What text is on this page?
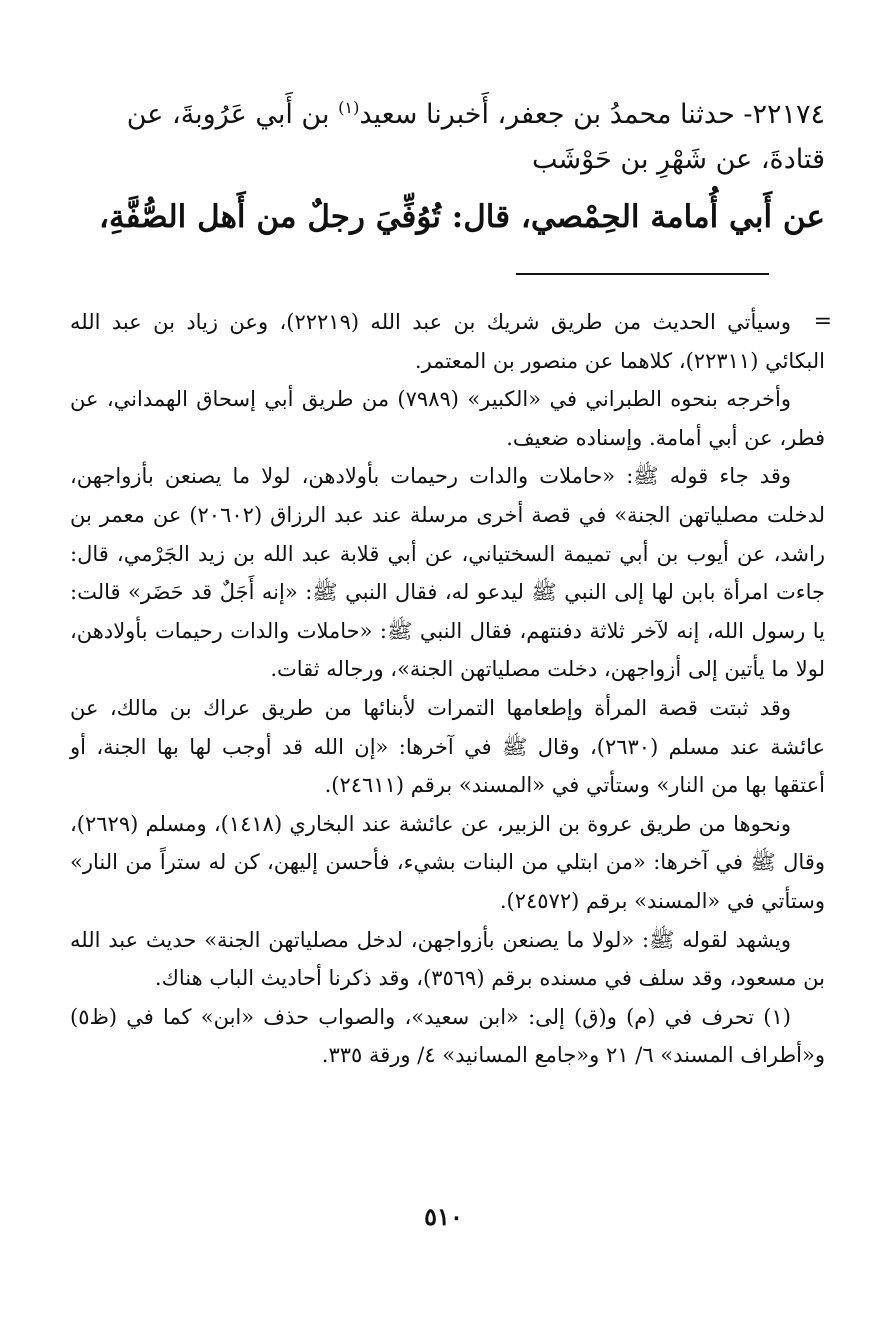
٢٢١٧٤- حدثنا محمدُ بن جعفر، أَخبرنا سعيد$^{(١)}$ بن أَبي عَرُوبةَ، عن

قتادةَ، عن شَهْرِ بن حَوْشَب

عن أَبي أُمامة الحِمْصي، قال: تُوُفِّيَ رجلٌ من أَهل الصُّفَّةِ،

=

وسيأتي الحديث من طريق شريك بن عبد الله (٢٢٢١٩)، وعن زياد بن عبد الله البكائي (٢٢٣١١)، كلاهما عن منصور بن المعتمر.

وأخرجه بنحوه الطبراني في «الكبير» (٧٩٨٩) من طريق أبي إسحاق الهمداني، عن فطر، عن أبي أمامة. وإسناده ضعيف.

وقد جاء قوله ﷺ: «حاملات والدات رحيمات بأولادهن، لولا ما يصنعن بأزواجهن، لدخلت مصلياتهن الجنة» في قصة أخرى مرسلة عند عبد الرزاق (٢٠٦٠٢) عن معمر بن راشد، عن أيوب بن أبي تميمة السختياني، عن أبي قلابة عبد الله بن زيد الجَرْمي، قال: جاءت امرأة بابن لها إلى النبي ﷺ ليدعو له، فقال النبي ﷺ: «إنه أَجَلٌ قد حَضَر» قالت: يا رسول الله، إنه لآخر ثلاثة دفنتهم، فقال النبي ﷺ: «حاملات والدات رحيمات بأولادهن، لولا ما يأتين إلى أزواجهن، دخلت مصلياتهن الجنة»، ورجاله ثقات.

وقد ثبتت قصة المرأة وإطعامها التمرات لأبنائها من طريق عراك بن مالك، عن عائشة عند مسلم (٢٦٣٠)، وقال ﷺ في آخرها: «إن الله قد أوجب لها بها الجنة، أو أعتقها بها من النار» وستأتي في «المسند» برقم (٢٤٦١١).

ونحوها من طريق عروة بن الزبير، عن عائشة عند البخاري (١٤١٨)، ومسلم (٢٦٢٩)، وقال ﷺ في آخرها: «من ابتلي من البنات بشيء، فأحسن إليهن، كن له ستراً من النار» وستأتي في «المسند» برقم (٢٤٥٧٢).

ويشهد لقوله ﷺ: «لولا ما يصنعن بأزواجهن، لدخل مصلياتهن الجنة» حديث عبد الله بن مسعود، وقد سلف في مسنده برقم (٣٥٦٩)، وقد ذكرنا أحاديث الباب هناك.

(١) تحرف في (م) و(ق) إلى: «ابن سعيد»، والصواب حذف «ابن» كما في (ظ٥) و«أطراف المسند» ٦/ ٢١ و«جامع المسانيد» ٤/ ورقة ٣٣٥.

٥١٠
